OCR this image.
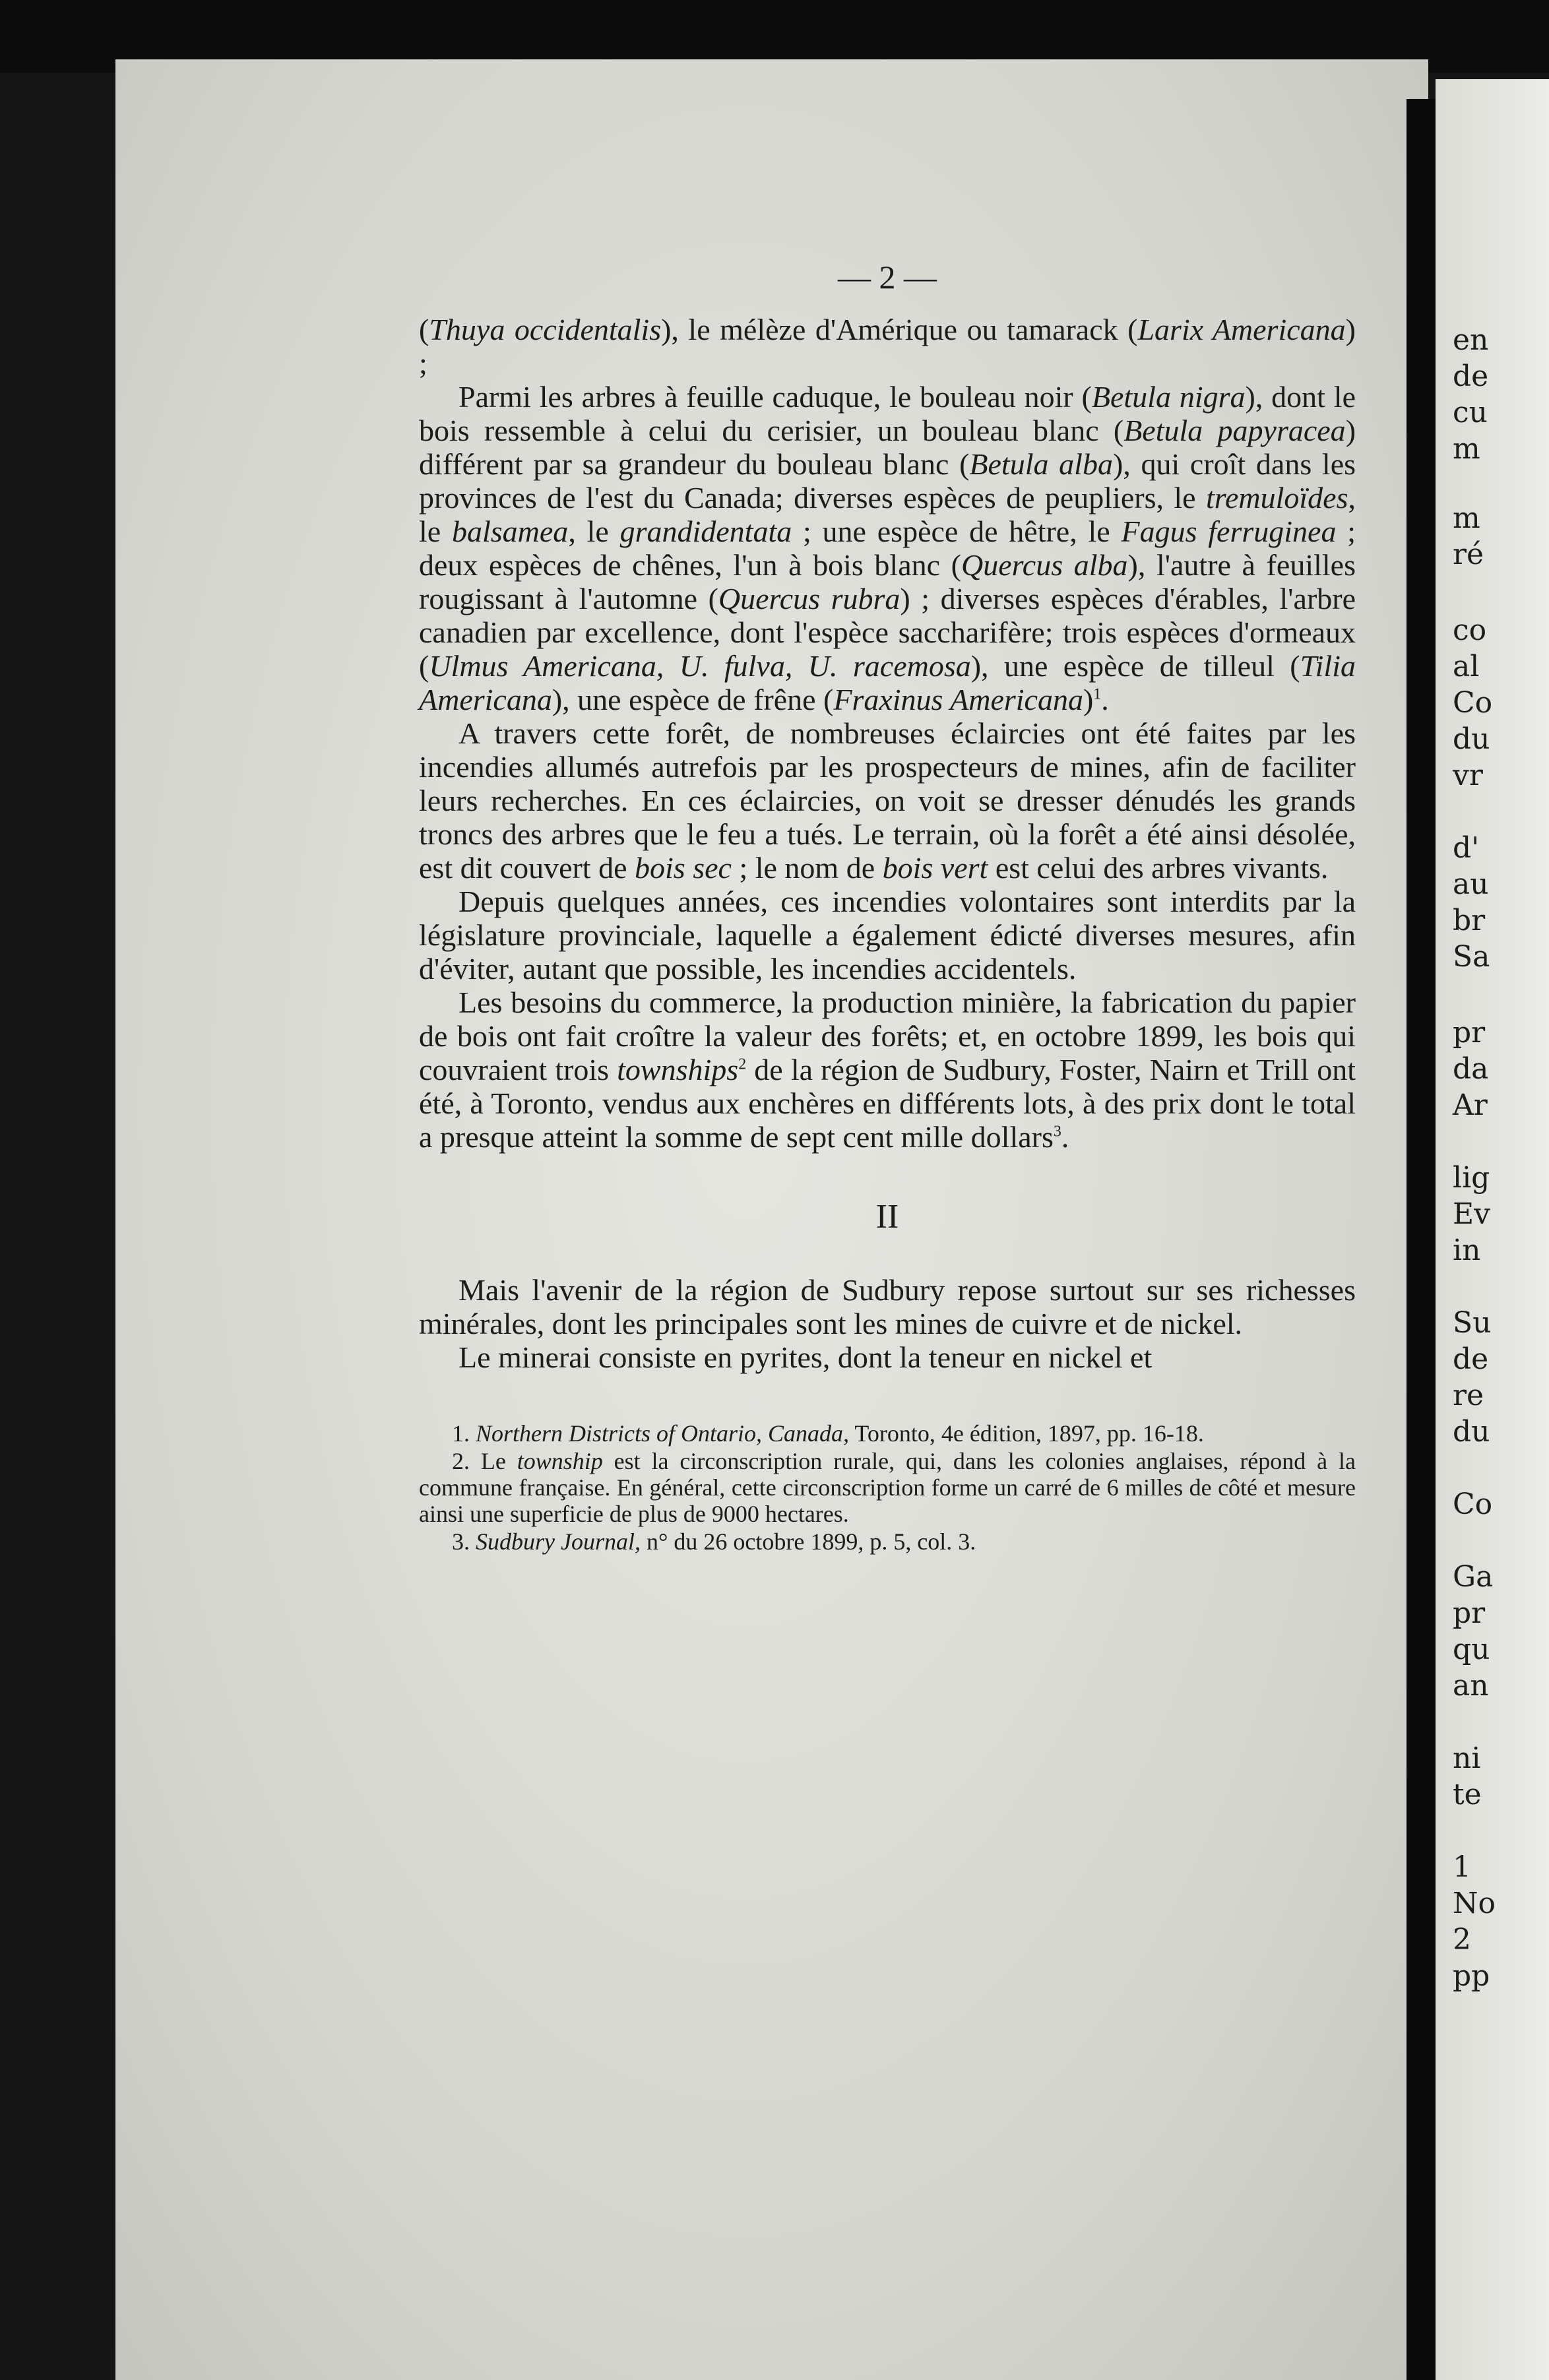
en
de
cu
m
m
ré
co
al
Co
du
vr
d'
au
br
Sa
pr
da
Ar
lig
Ev
in
Su
de
re
du
Co
Ga
pr
qu
an
ni
te
1
No
2
pp
— 2 —

(Thuya occidentalis), le mélèze d'Amérique ou tamarack (Larix Americana) ;

Parmi les arbres à feuille caduque, le bouleau noir (Betula nigra), dont le bois ressemble à celui du cerisier, un bouleau blanc (Betula papyracea) différent par sa grandeur du bouleau blanc (Betula alba), qui croît dans les provinces de l'est du Canada; diverses espèces de peupliers, le tremuloïdes, le balsamea, le grandidentata ; une espèce de hêtre, le Fagus ferruginea ; deux espèces de chênes, l'un à bois blanc (Quercus alba), l'autre à feuilles rougissant à l'automne (Quercus rubra) ; diverses espèces d'érables, l'arbre canadien par excellence, dont l'espèce saccharifère; trois espèces d'ormeaux (Ulmus Americana, U. fulva, U. racemosa), une espèce de tilleul (Tilia Americana), une espèce de frêne (Fraxinus Americana)$^1$.

A travers cette forêt, de nombreuses éclaircies ont été faites par les incendies allumés autrefois par les prospecteurs de mines, afin de faciliter leurs recherches. En ces éclaircies, on voit se dresser dénudés les grands troncs des arbres que le feu a tués. Le terrain, où la forêt a été ainsi désolée, est dit couvert de bois sec ; le nom de bois vert est celui des arbres vivants.

Depuis quelques années, ces incendies volontaires sont interdits par la législature provinciale, laquelle a également édicté diverses mesures, afin d'éviter, autant que possible, les incendies accidentels.

Les besoins du commerce, la production minière, la fabrication du papier de bois ont fait croître la valeur des forêts; et, en octobre 1899, les bois qui couvraient trois townships$^2$ de la région de Sudbury, Foster, Nairn et Trill ont été, à Toronto, vendus aux enchères en différents lots, à des prix dont le total a presque atteint la somme de sept cent mille dollars$^3$.

II

Mais l'avenir de la région de Sudbury repose surtout sur ses richesses minérales, dont les principales sont les mines de cuivre et de nickel.

Le minerai consiste en pyrites, dont la teneur en nickel et

1. Northern Districts of Ontario, Canada, Toronto, 4e édition, 1897, pp. 16-18.

2. Le township est la circonscription rurale, qui, dans les colonies anglaises, répond à la commune française. En général, cette circonscription forme un carré de 6 milles de côté et mesure ainsi une superficie de plus de 9000 hectares.

3. Sudbury Journal, n° du 26 octobre 1899, p. 5, col. 3.
